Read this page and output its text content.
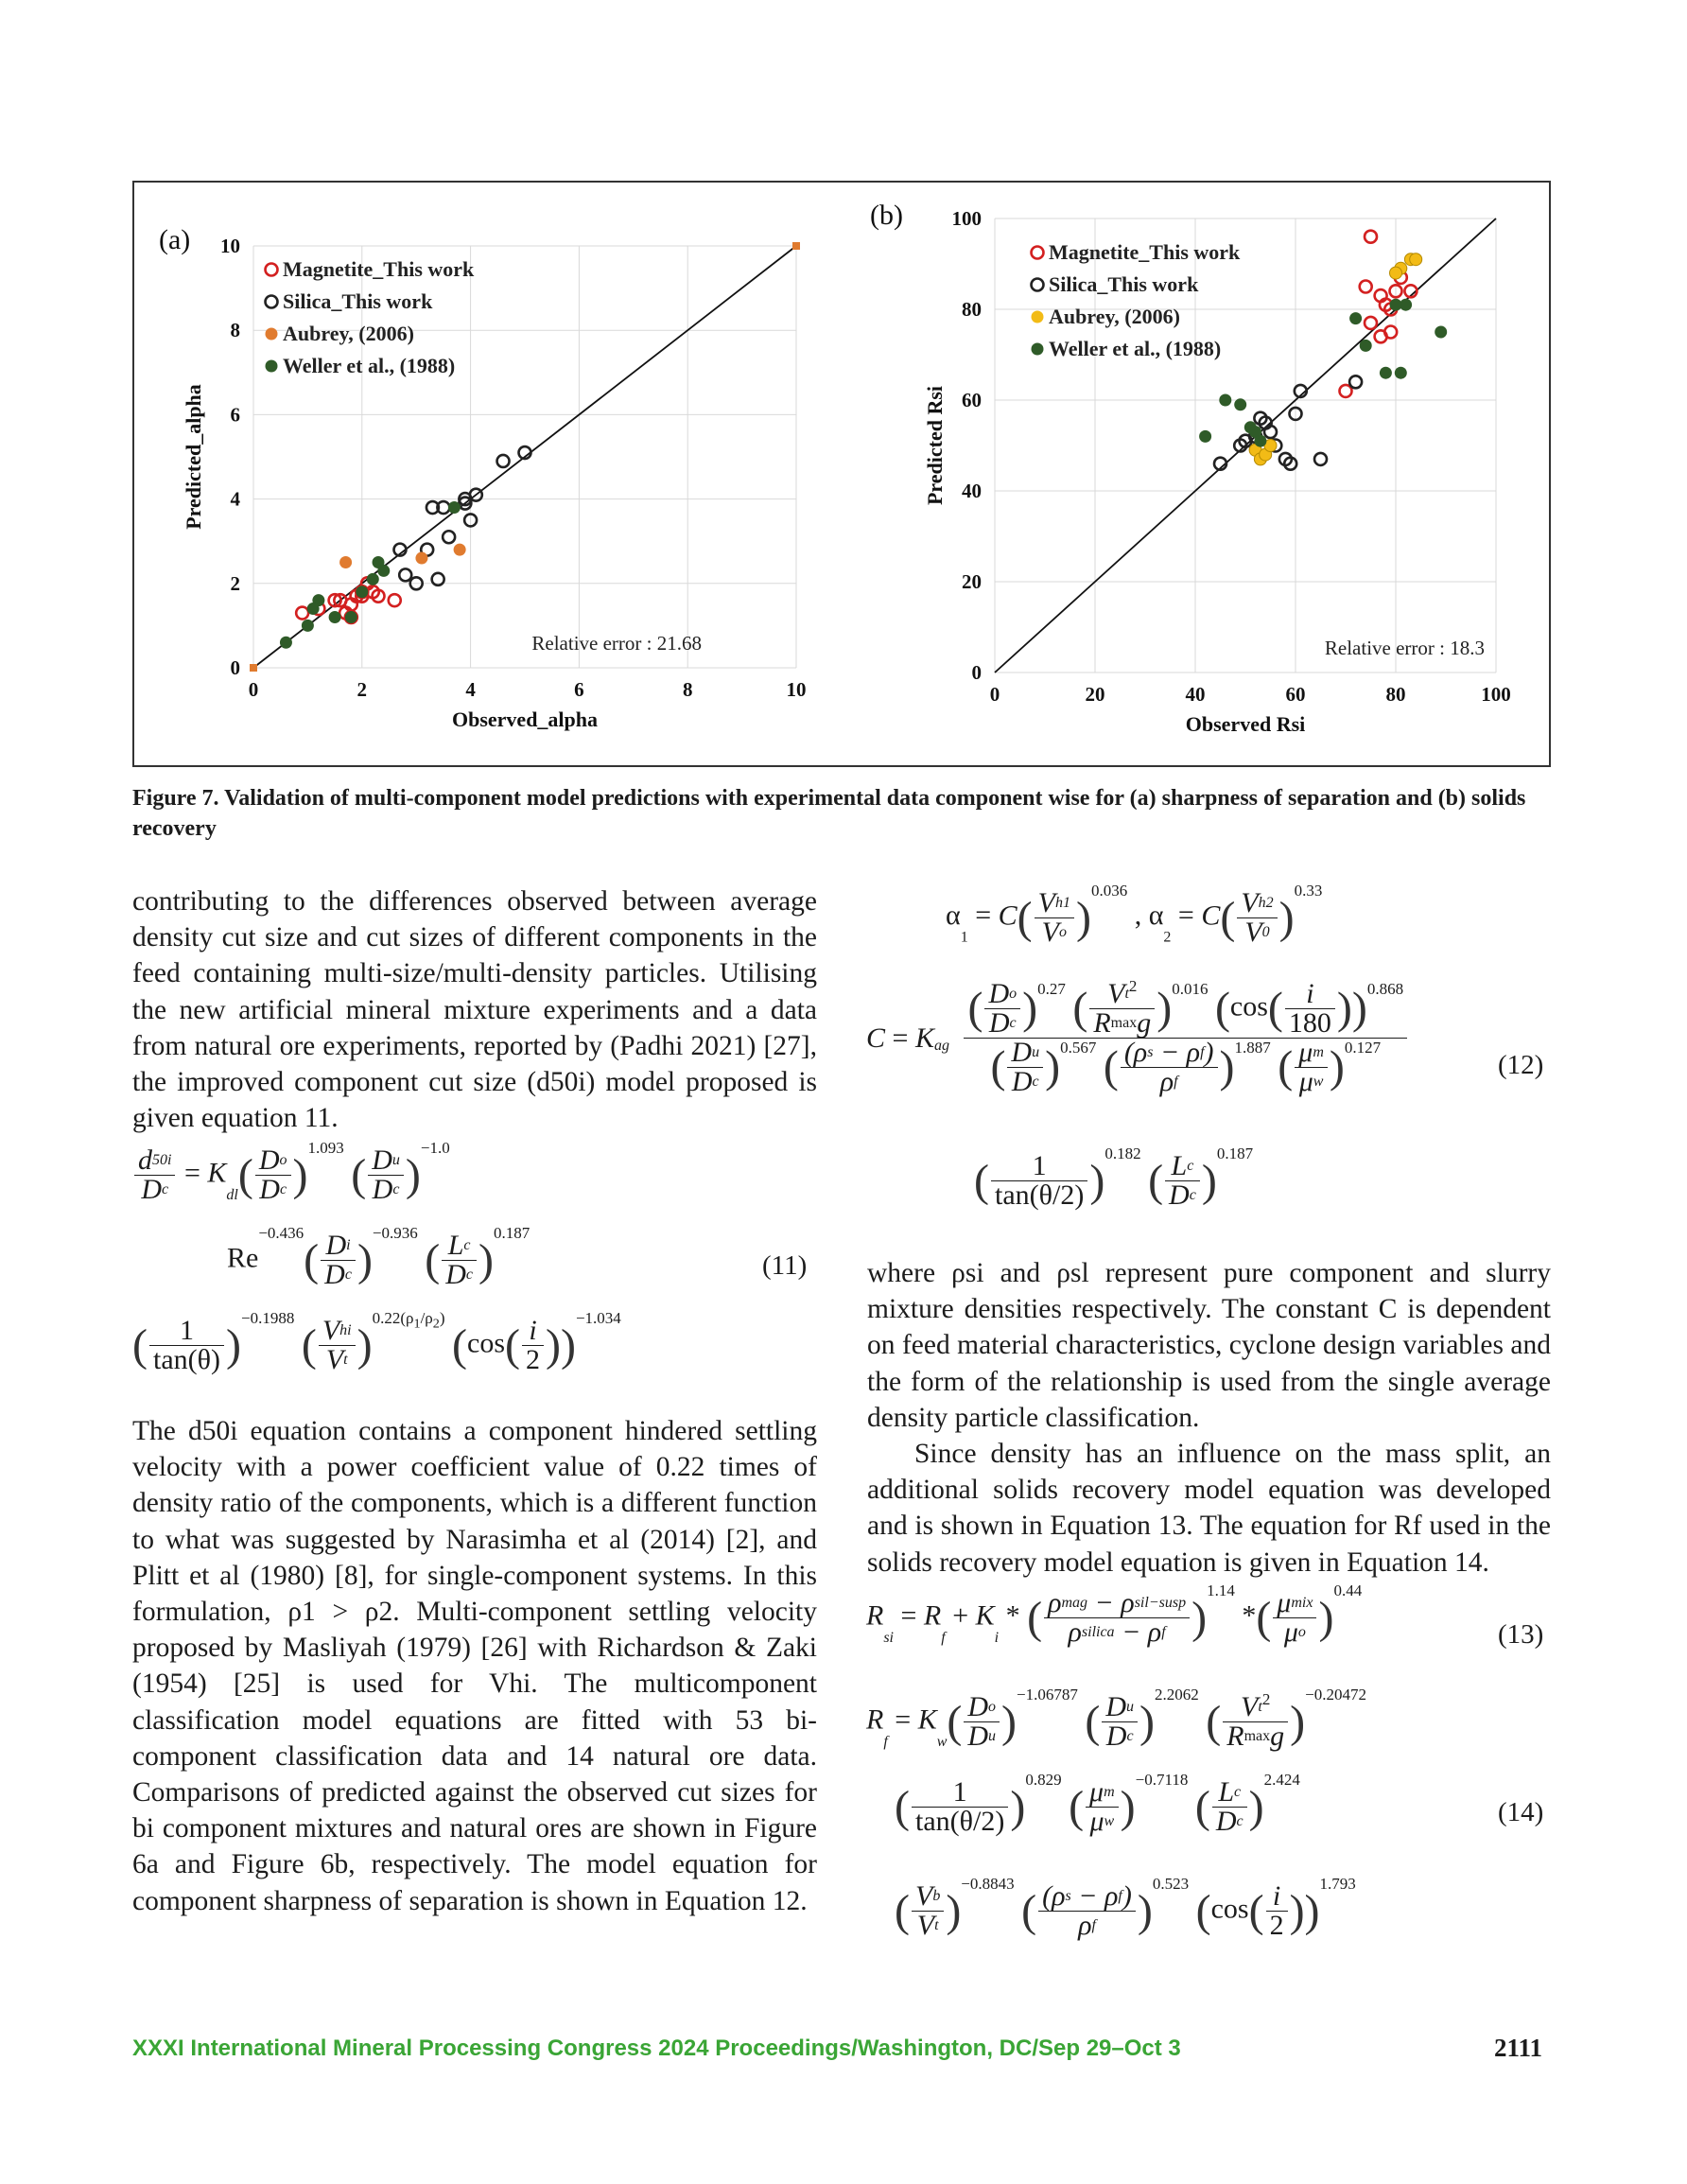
0	2	4	6	8	10
0
2
4
6
8
10
(a)
Observed_alpha
Predicted_alpha
Magnetite_This work
Silica_This work
Aubrey, (2006)
Weller et al., (1988)
Relative error : 21.68
0	20	40	60	80	100
0
20
40
60
80
100
(b)
Observed Rsi
Predicted Rsi
Magnetite_This work
Silica_This work
Aubrey, (2006)
Weller et al., (1988)
Relative error : 18.3
Figure 7. Validation of multi-component model predictions with experimental data component wise for (a) sharpness of separation and (b) solids recovery

contributing to the differences observed between average density cut size and cut sizes of different components in the feed containing multi-size/multi-density particles. Utilising the new artificial mineral mixture experiments and a data from natural ore experiments, reported by (Padhi 2021) [27], the improved component cut size (d50i) model proposed is given equation 11.

$\frac{d50i}{Dc} = Kdl( \frac{Do}{Dc} )^{1.093}$ ( $\frac{Du}{Dc} )^{-1.0}$
$Re^{-0.436}( \frac{Di}{Dc} )^{-0.936}$ ( $\frac{Lc}{Dc} )^{0.187}$
(11)
( $\frac{1}{\tan(\theta)} )^{-0.1988}$ ( $\frac{\text{Vhi}}{Vt} )^{0.22(\rho_1/\rho_2)}$ $(\cos( \frac{i}{2} ))^{-1.034}$

The d50i equation contains a component hindered settling velocity with a power coefficient value of 0.22 times of density ratio of the components, which is a different function to what was suggested by Narasimha et al (2014) [2], and Plitt et al (1980) [8], for single-component systems. In this formulation, ρ1 > ρ2. Multi-component settling velocity proposed by Masliyah (1979) [26] with Richardson & Zaki (1954) [25] is used for Vhi. The multicomponent classification model equations are fitted with 53 bi-component classification data and 14 natural ore data. Comparisons of predicted against the observed cut sizes for bi component mixtures and natural ores are shown in Figure 6a and Figure 6b, respectively. The model equation for component sharpness of separation is shown in Equation 12.

$\alpha 1 = C( \frac{Vh1}{Vo} )^{0.036}$ , $\alpha 2 = C( \frac{Vh2}{V0} )^{0.33}$
C = Kag $\frac{( \frac{Do}{Dc} )^{0.27} ( \frac{Vt^2}{Rmaxg} )^{0.016} (\cos( \frac{i}{180} ))^{0.868}}{( \frac{Du}{Dc} )^{0.567} ( \frac{(\rho s - \rho f)}{\rho f} )^{1.887} ( \frac{\mu m}{\mu w} )^{0.127}}$	(12)
( $\frac{1}{\tan(\theta/2)} )^{0.182}$ ( $\frac{Lc}{Dc} )^{0.187}$

where ρsi and ρsl represent pure component and slurry mixture densities respectively. The constant C is dependent on feed material characteristics, cyclone design variables and the form of the relationship is used from the single average density particle classification.

Since density has an influence on the mass split, an additional solids recovery model equation was developed and is shown in Equation 13. The equation for Rf used in the solids recovery model equation is given in Equation 14.

Rsi = Rf + Ki * ( $\frac{\text{ρmag − ρsil−susp}}{\text{ρsilica − ρf}} )^{1.14}$ *( $\frac{\text{μmix}}{\mu o} )^{0.44}$
(13)
$Rf = Kw( \frac{Do}{Du} )^{-1.06787}$ ( $\frac{Du}{Dc} )^{2.2062}$ ( $\frac{Vt^2}{Rmaxg} )^{-0.20472}$
( $\frac{1}{\tan(\theta/2)} )^{0.829}$ ( $\frac{\mu m}{\mu w} )^{-0.7118}$ ( $\frac{Lc}{Dc} )^{2.424}$
(14)
( $\frac{Vb}{Vt} )^{-0.8843}$ ( $\frac{(\rho s - \rho f)}{\rho f} )^{0.523}$ $(\cos( \frac{i}{2} ))^{1.793}$
XXXI International Mineral Processing Congress 2024 Proceedings/Washington, DC/Sep 29–Oct 3	2111
